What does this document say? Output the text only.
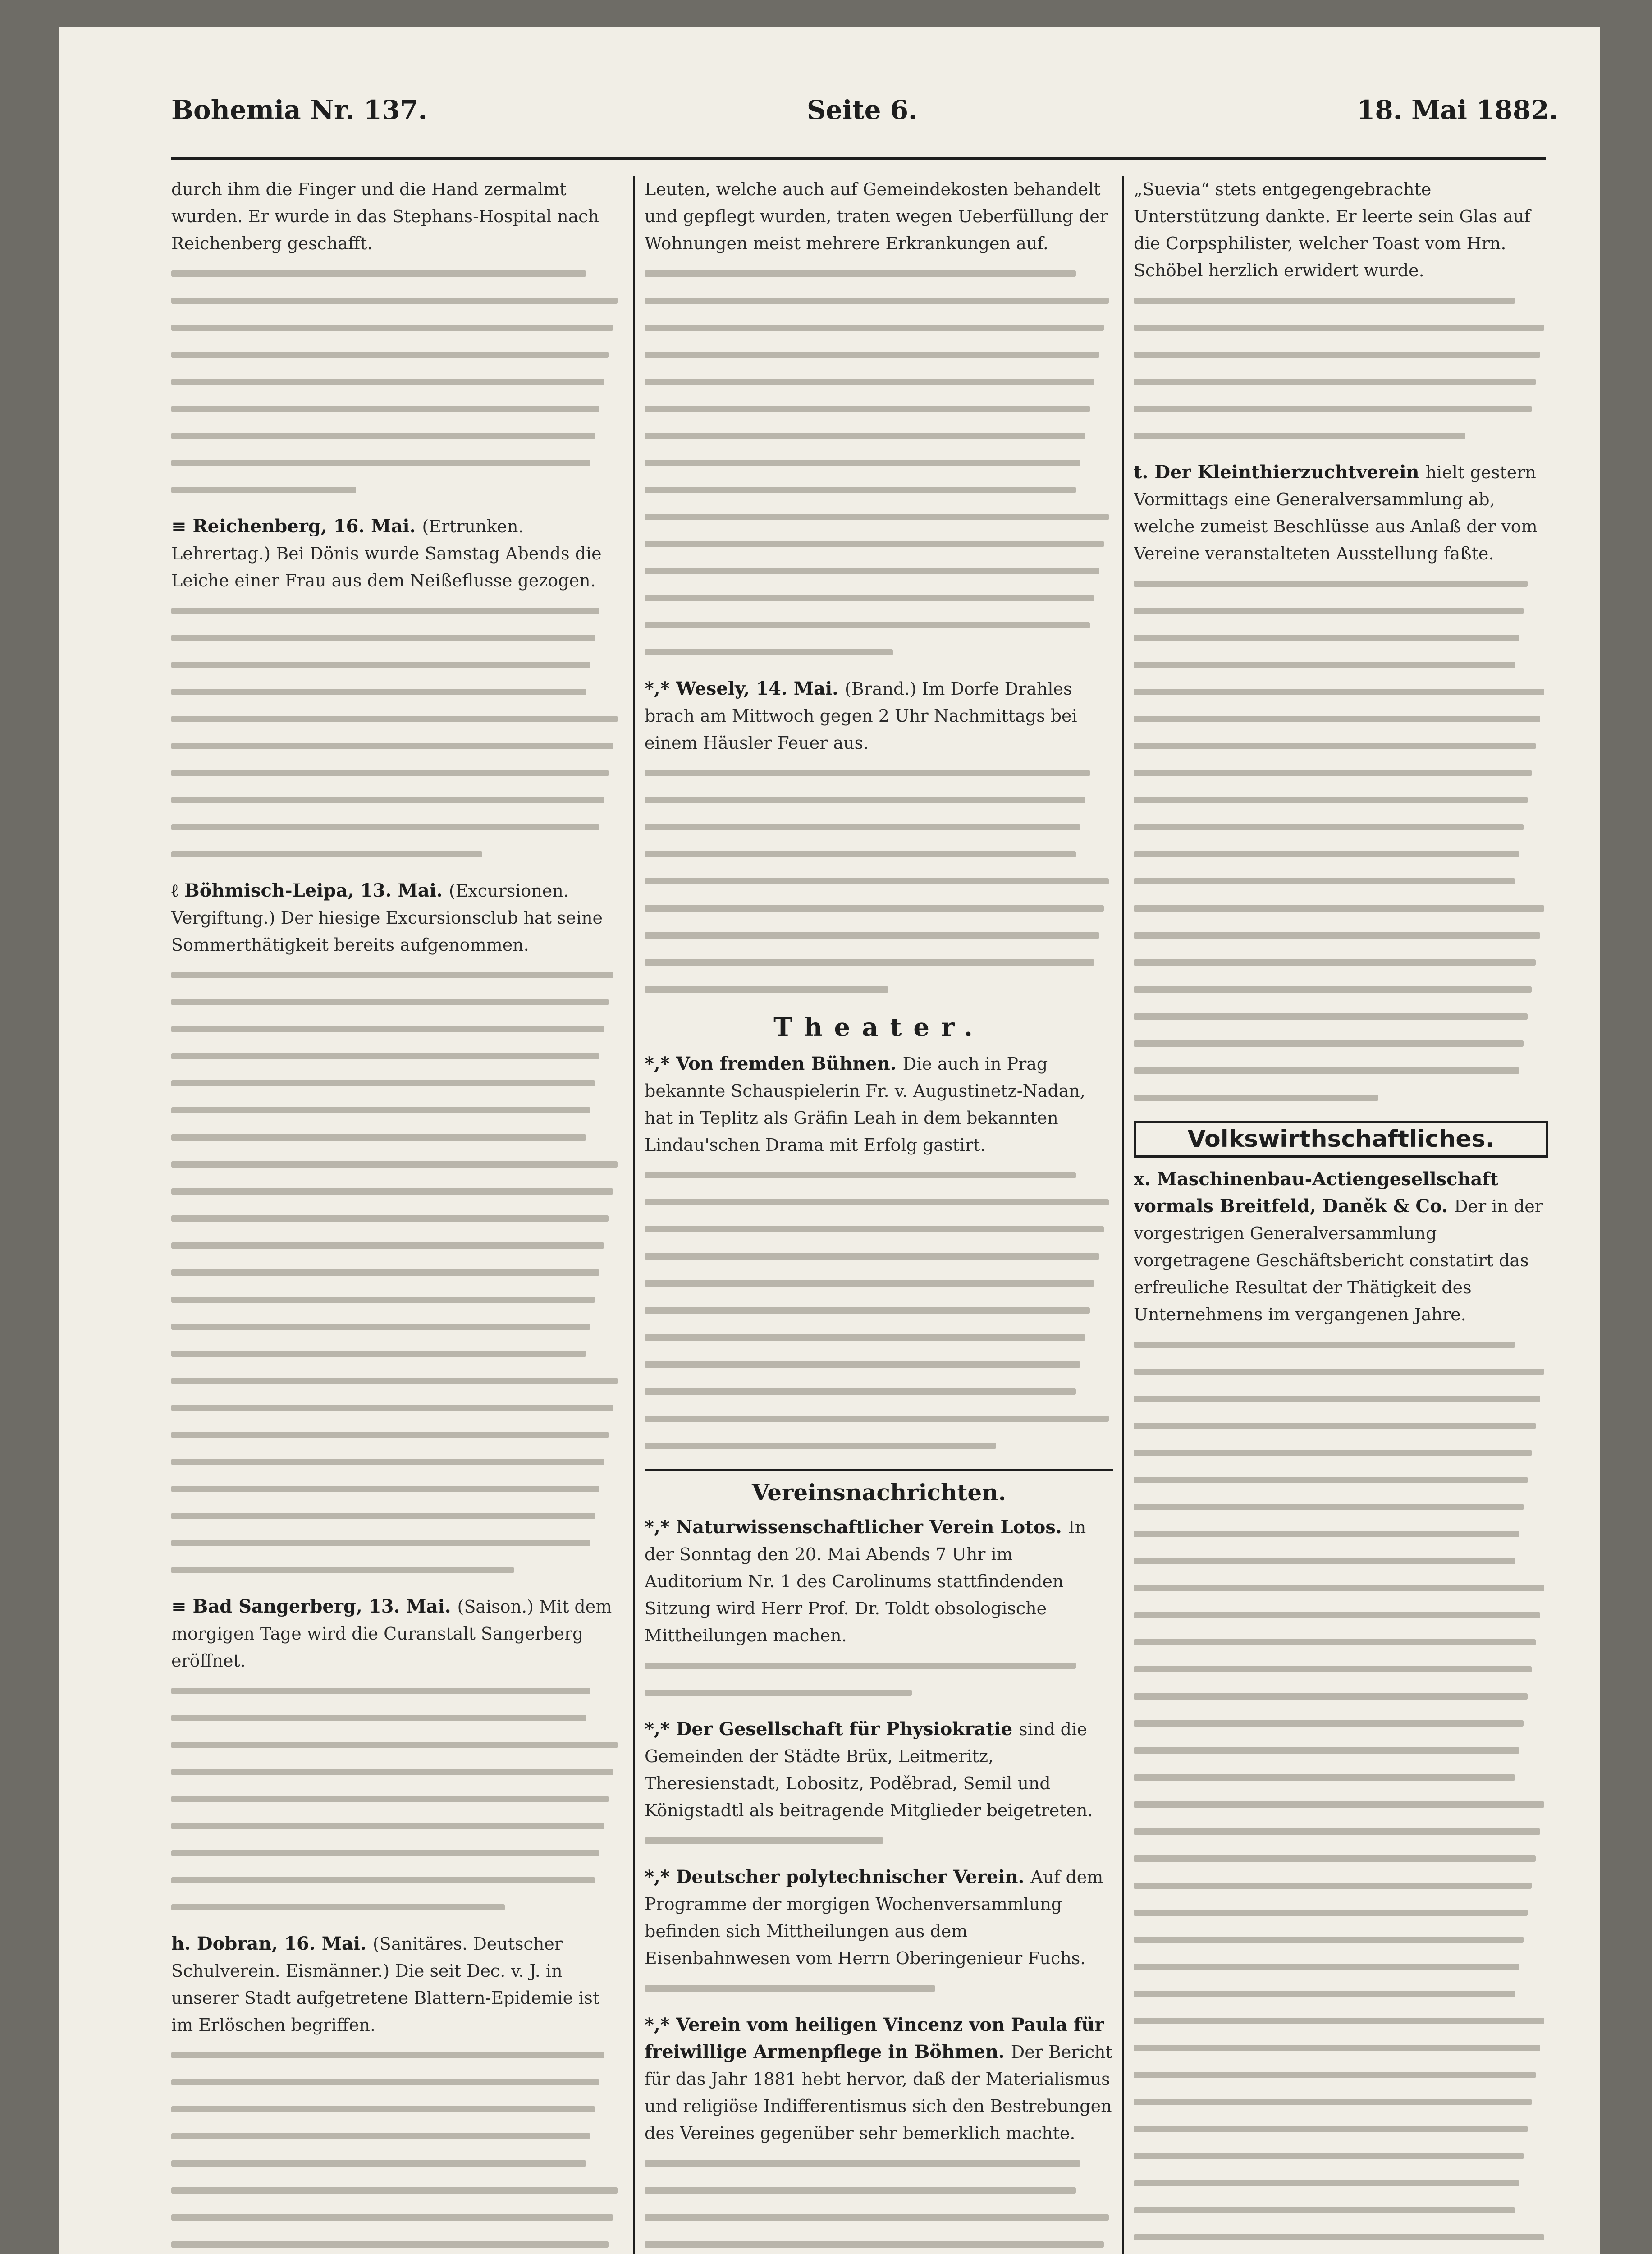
Bohemia Nr. 137.	Seite 6.	18. Mai 1882.
durch ihm die Finger und die Hand zermalmt wurden. Er wurde in das Stephans-Hospital nach Reichenberg geschafft.
≡ Reichenberg, 16. Mai. (Ertrunken. Lehrertag.) Bei Dönis wurde Samstag Abends die Leiche einer Frau aus dem Neißeflusse gezogen.
ℓ Böhmisch-Leipa, 13. Mai. (Excursionen. Vergiftung.) Der hiesige Excursionsclub hat seine Sommerthätigkeit bereits aufgenommen.
≡ Bad Sangerberg, 13. Mai. (Saison.) Mit dem morgigen Tage wird die Curanstalt Sangerberg eröffnet.
h. Dobran, 16. Mai. (Sanitäres. Deutscher Schulverein. Eismänner.) Die seit Dec. v. J. in unserer Stadt aufgetretene Blattern-Epidemie ist im Erlöschen begriffen.
Leuten, welche auch auf Gemeindekosten behandelt und gepflegt wurden, traten wegen Ueberfüllung der Wohnungen meist mehrere Erkrankungen auf.
*,* Wesely, 14. Mai. (Brand.) Im Dorfe Drahles brach am Mittwoch gegen 2 Uhr Nachmittags bei einem Häusler Feuer aus.
Theater.
*,* Von fremden Bühnen. Die auch in Prag bekannte Schauspielerin Fr. v. Augustinetz-Nadan, hat in Teplitz als Gräfin Leah in dem bekannten Lindau'schen Drama mit Erfolg gastirt.
Vereinsnachrichten.
*,* Naturwissenschaftlicher Verein Lotos. In der Sonntag den 20. Mai Abends 7 Uhr im Auditorium Nr. 1 des Carolinums stattfindenden Sitzung wird Herr Prof. Dr. Toldt obsologische Mittheilungen machen.
*,* Der Gesellschaft für Physiokratie sind die Gemeinden der Städte Brüx, Leitmeritz, Theresienstadt, Lobositz, Poděbrad, Semil und Königstadtl als beitragende Mitglieder beigetreten.
*,* Deutscher polytechnischer Verein. Auf dem Programme der morgigen Wochenversammlung befinden sich Mittheilungen aus dem Eisenbahnwesen vom Herrn Oberingenieur Fuchs.
*,* Verein vom heiligen Vincenz von Paula für freiwillige Armenpflege in Böhmen. Der Bericht für das Jahr 1881 hebt hervor, daß der Materialismus und religiöse Indifferentismus sich den Bestrebungen des Vereines gegenüber sehr bemerklich machte.
„Suevia“ stets entgegengebrachte Unterstützung dankte. Er leerte sein Glas auf die Corpsphilister, welcher Toast vom Hrn. Schöbel herzlich erwidert wurde.
t. Der Kleinthierzuchtverein hielt gestern Vormittags eine Generalversammlung ab, welche zumeist Beschlüsse aus Anlaß der vom Vereine veranstalteten Ausstellung faßte.
Volkswirthschaftliches.
x. Maschinenbau-Actiengesellschaft vormals Breitfeld, Daněk & Co. Der in der vorgestrigen Generalversammlung vorgetragene Geschäftsbericht constatirt das erfreuliche Resultat der Thätigkeit des Unternehmens im vergangenen Jahre.
